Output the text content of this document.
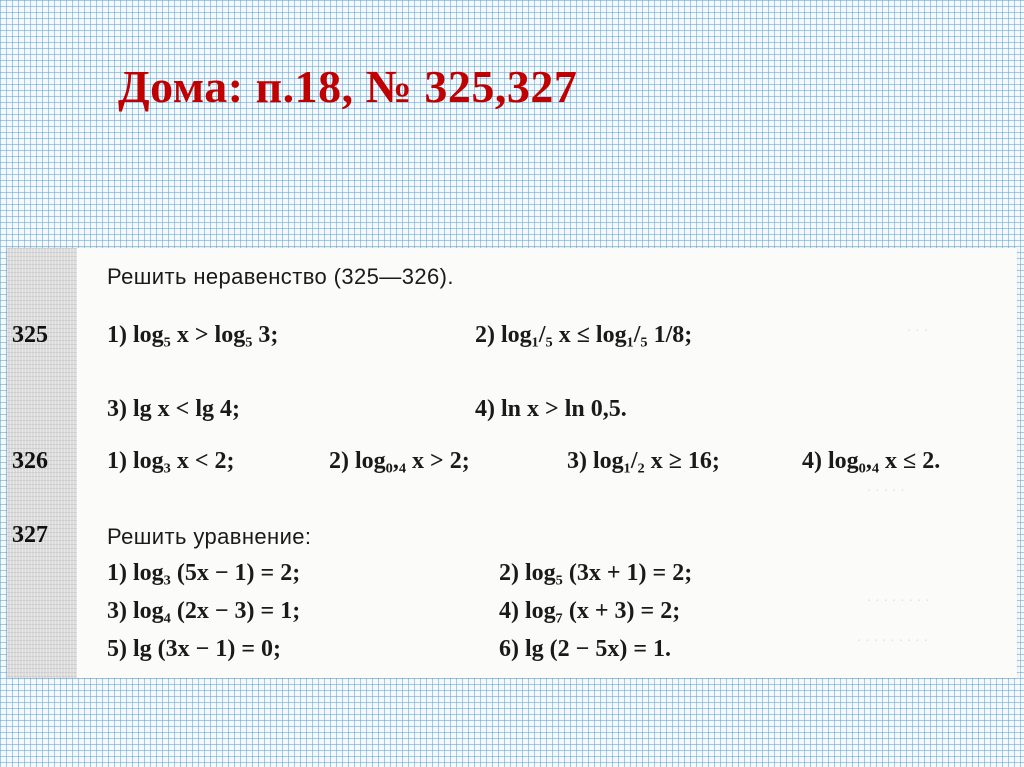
Дома: п.18, № 325,327
. . .
. . . . .
. . . . . . . .
. . . . . . . . .
Решить неравенство (325—326).
325 1) log₅ x > log₅ 3;	2) log₁/₅ x ≤ log₁/₅ 1/8;
3) lg x < lg 4;	4) ln x > ln 0,5.
326 1) log₃ x < 2;	2) log₀,₄ x > 2;	3) log₁/₂ x ≥ 16;	4) log₀,₄ x ≤ 2.
327	Решить уравнение:
1) log₃ (5x − 1) = 2;	2) log₅ (3x + 1) = 2;
3) log₄ (2x − 3) = 1;	4) log₇ (x + 3) = 2;
5) lg (3x − 1) = 0;	6) lg (2 − 5x) = 1.
